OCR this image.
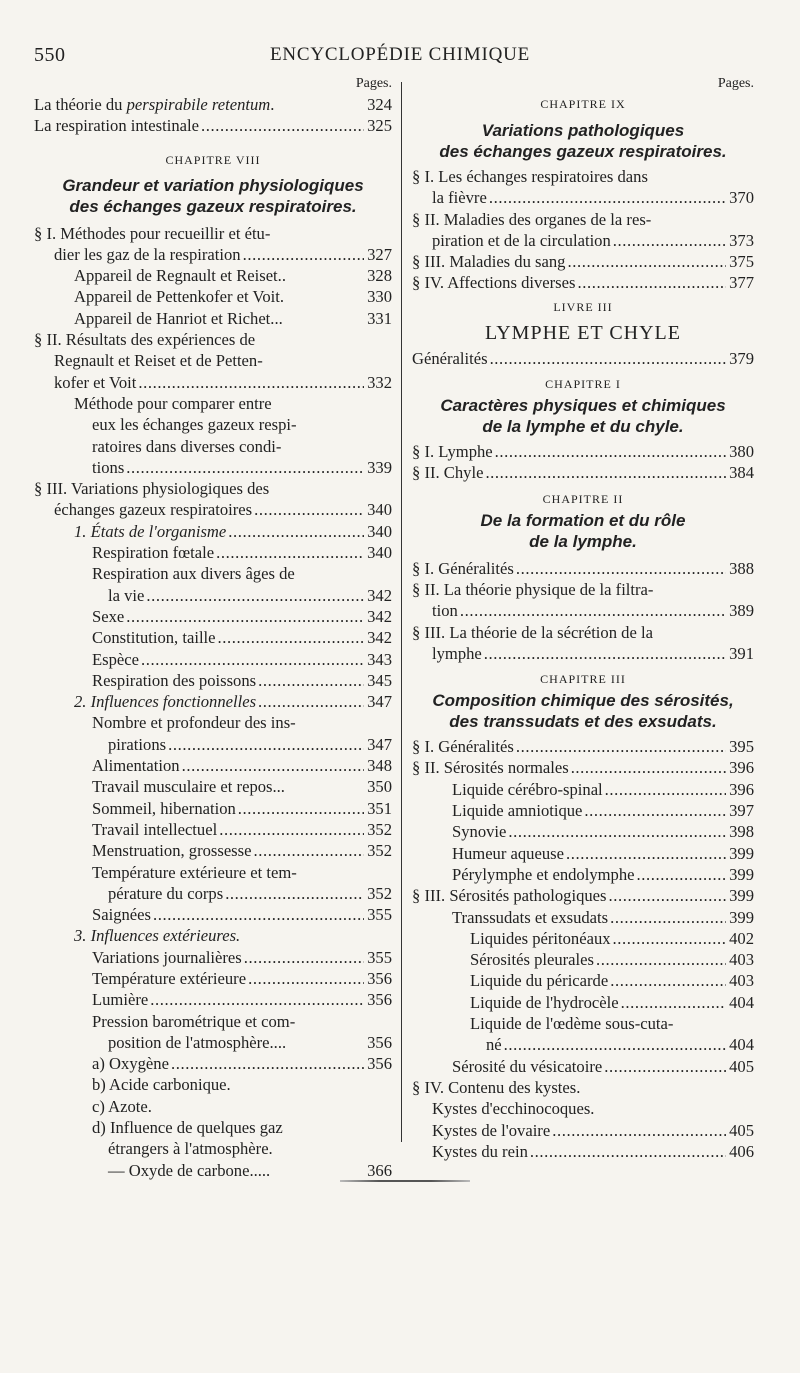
550	ENCYCLOPÉDIE CHIMIQUE
Pages.
La théorie du perspirabile retentum.	324
La respiration intestinale .....	325
CHAPITRE VIII
Grandeur et variation physiologiques
des échanges gazeux respiratoires.
§ I. Méthodes pour recueillir et étu-
dier les gaz de la respiration .....	327
Appareil de Regnault et Reiset..	328
Appareil de Pettenkofer et Voit.	330
Appareil de Hanriot et Richet...	331
§ II. Résultats des expériences de
Regnault et Reiset et de Petten-
kofer et Voit .....	332
Méthode pour comparer entre
eux les échanges gazeux respi-
ratoires dans diverses condi-
tions .....	339
§ III. Variations physiologiques des
échanges gazeux respiratoires .....	340
1. États de l'organisme .....	340
Respiration fœtale .....	340
Respiration aux divers âges de
la vie .....	342
Sexe .....	342
Constitution, taille .....	342
Espèce .....	343
Respiration des poissons .....	345
2. Influences fonctionnelles .....	347
Nombre et profondeur des ins-
pirations .....	347
Alimentation .....	348
Travail musculaire et repos...	350
Sommeil, hibernation .....	351
Travail intellectuel .....	352
Menstruation, grossesse .....	352
Température extérieure et tem-
pérature du corps .....	352
Saignées .....	355
3. Influences extérieures.
Variations journalières .....	355
Température extérieure .....	356
Lumière .....	356
Pression barométrique et com-
position de l'atmosphère....	356
a) Oxygène .....	356
b) Acide carbonique.
c) Azote.
d) Influence de quelques gaz
étrangers à l'atmosphère.
— Oxyde de carbone.....	366
Pages.
CHAPITRE IX
Variations pathologiques
des échanges gazeux respiratoires.
§ I. Les échanges respiratoires dans
la fièvre .....	370
§ II. Maladies des organes de la res-
piration et de la circulation .....	373
§ III. Maladies du sang .....	375
§ IV. Affections diverses .....	377
LIVRE III
LYMPHE ET CHYLE
Généralités .....	379
CHAPITRE I
Caractères physiques et chimiques
de la lymphe et du chyle.
§ I. Lymphe .....	380
§ II. Chyle .....	384
CHAPITRE II
De la formation et du rôle
de la lymphe.
§ I. Généralités .....	388
§ II. La théorie physique de la filtra-
tion .....	389
§ III. La théorie de la sécrétion de la
lymphe .....	391
CHAPITRE III
Composition chimique des sérosités,
des transsudats et des exsudats.
§ I. Généralités .....	395
§ II. Sérosités normales .....	396
Liquide cérébro-spinal .....	396
Liquide amniotique .....	397
Synovie .....	398
Humeur aqueuse .....	399
Pérylymphe et endolymphe .....	399
§ III. Sérosités pathologiques .....	399
Transsudats et exsudats .....	399
Liquides péritonéaux .....	402
Sérosités pleurales .....	403
Liquide du péricarde .....	403
Liquide de l'hydrocèle .....	404
Liquide de l'œdème sous-cuta-
né .....	404
Sérosité du vésicatoire .....	405
§ IV. Contenu des kystes.
Kystes d'ecchinocoques.
Kystes de l'ovaire .....	405
Kystes du rein .....	406
